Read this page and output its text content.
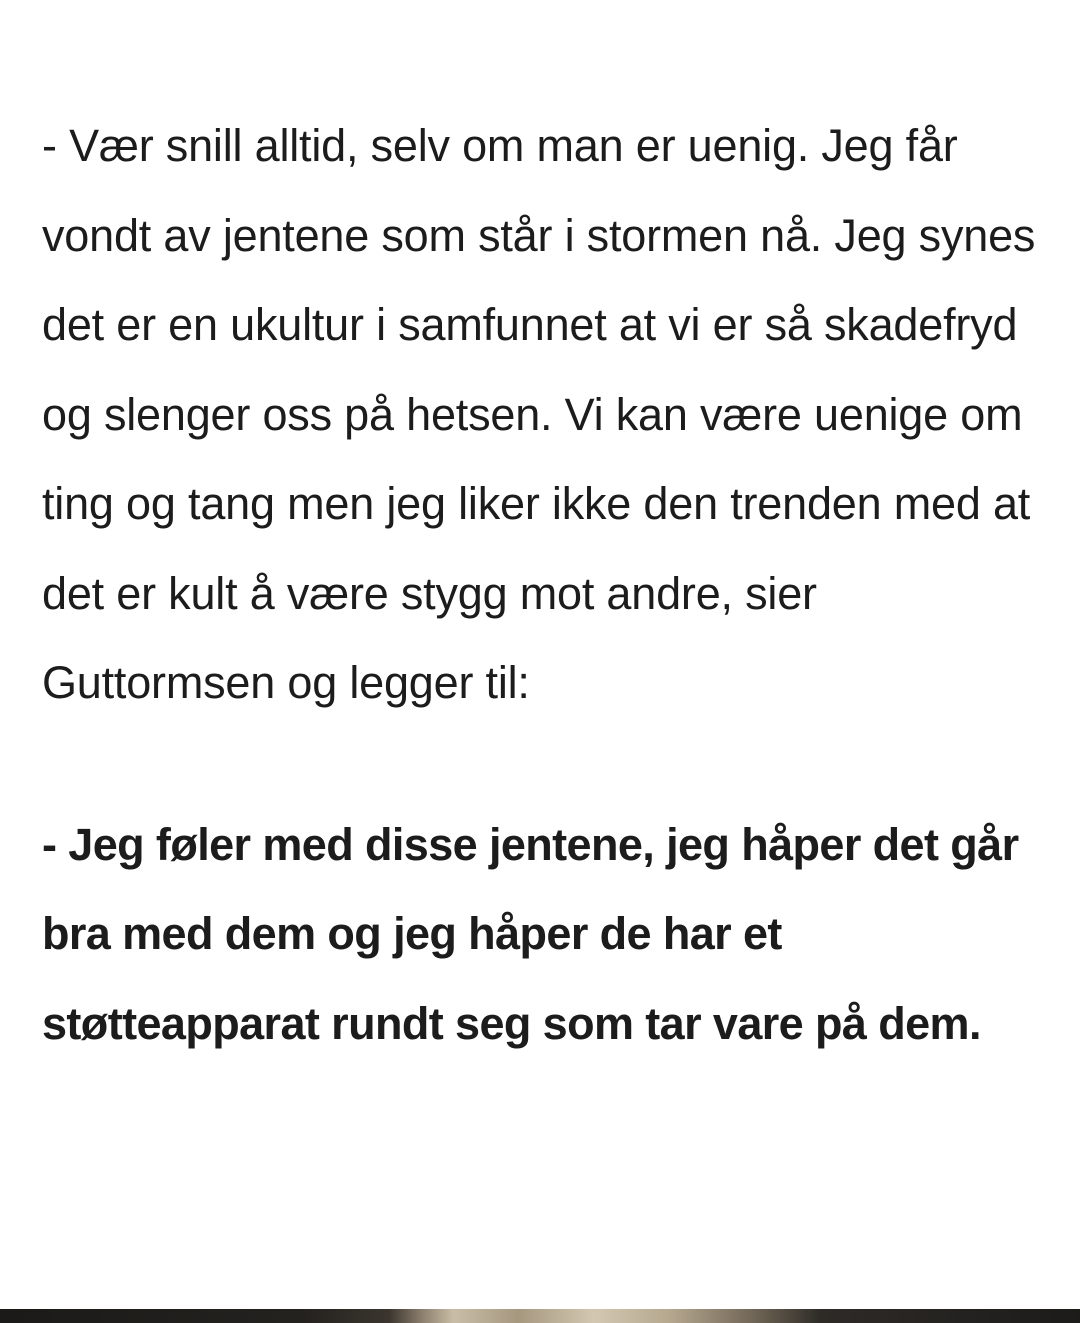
- Vær snill alltid, selv om man er uenig. Jeg får vondt av jentene som står i stormen nå. Jeg synes det er en ukultur i samfunnet at vi er så skadefryd og slenger oss på hetsen. Vi kan være uenige om ting og tang men jeg liker ikke den trenden med at det er kult å være stygg mot andre, sier Guttormsen og legger til:

- Jeg føler med disse jentene, jeg håper det går bra med dem og jeg håper de har et støtteapparat rundt seg som tar vare på dem.
